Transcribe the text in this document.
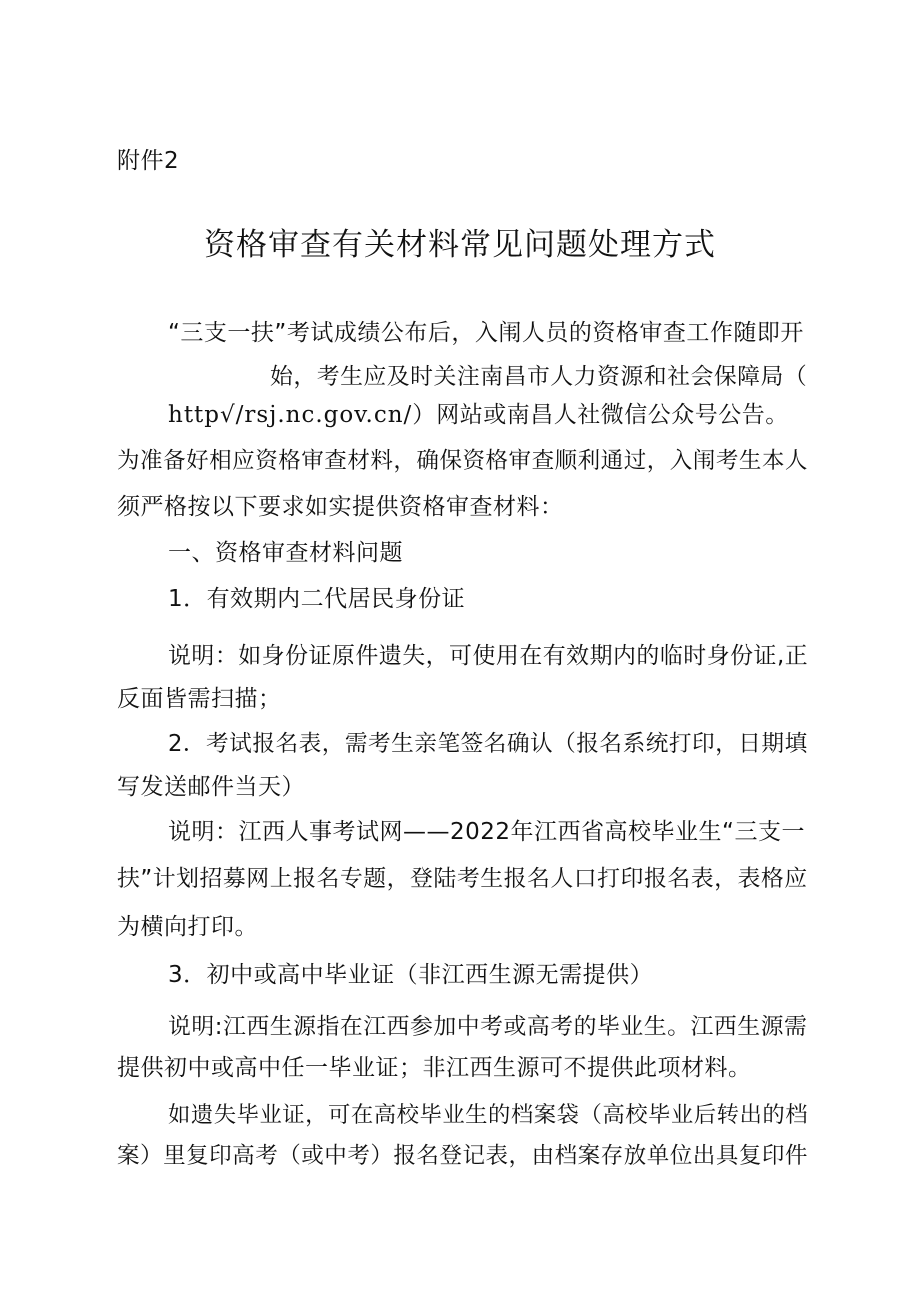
附件2
资格审查有关材料常见问题处理方式
“三支一扶”考试成绩公布后，入闱人员的资格审查工作随即开
始，考生应及时关注南昌市人力资源和社会保障局（
http√/rsj.nc.gov.cn/）网站或南昌人社微信公众号公告。
为准备好相应资格审查材料，确保资格审查顺利通过，入闱考生本人
须严格按以下要求如实提供资格审查材料：
一、资格审查材料问题
1．有效期内二代居民身份证
说明：如身份证原件遗失，可使用在有效期内的临时身份证,正
反面皆需扫描；
2．考试报名表，需考生亲笔签名确认（报名系统打印，日期填
写发送邮件当天）
说明：江西人事考试网——2022年江西省高校毕业生“三支一
扶”计划招募网上报名专题，登陆考生报名人口打印报名表，表格应
为横向打印。
3．初中或高中毕业证（非江西生源无需提供）
说明:江西生源指在江西参加中考或高考的毕业生。江西生源需
提供初中或高中任一毕业证；非江西生源可不提供此项材料。
如遗失毕业证，可在高校毕业生的档案袋（高校毕业后转出的档
案）里复印高考（或中考）报名登记表，由档案存放单位出具复印件
